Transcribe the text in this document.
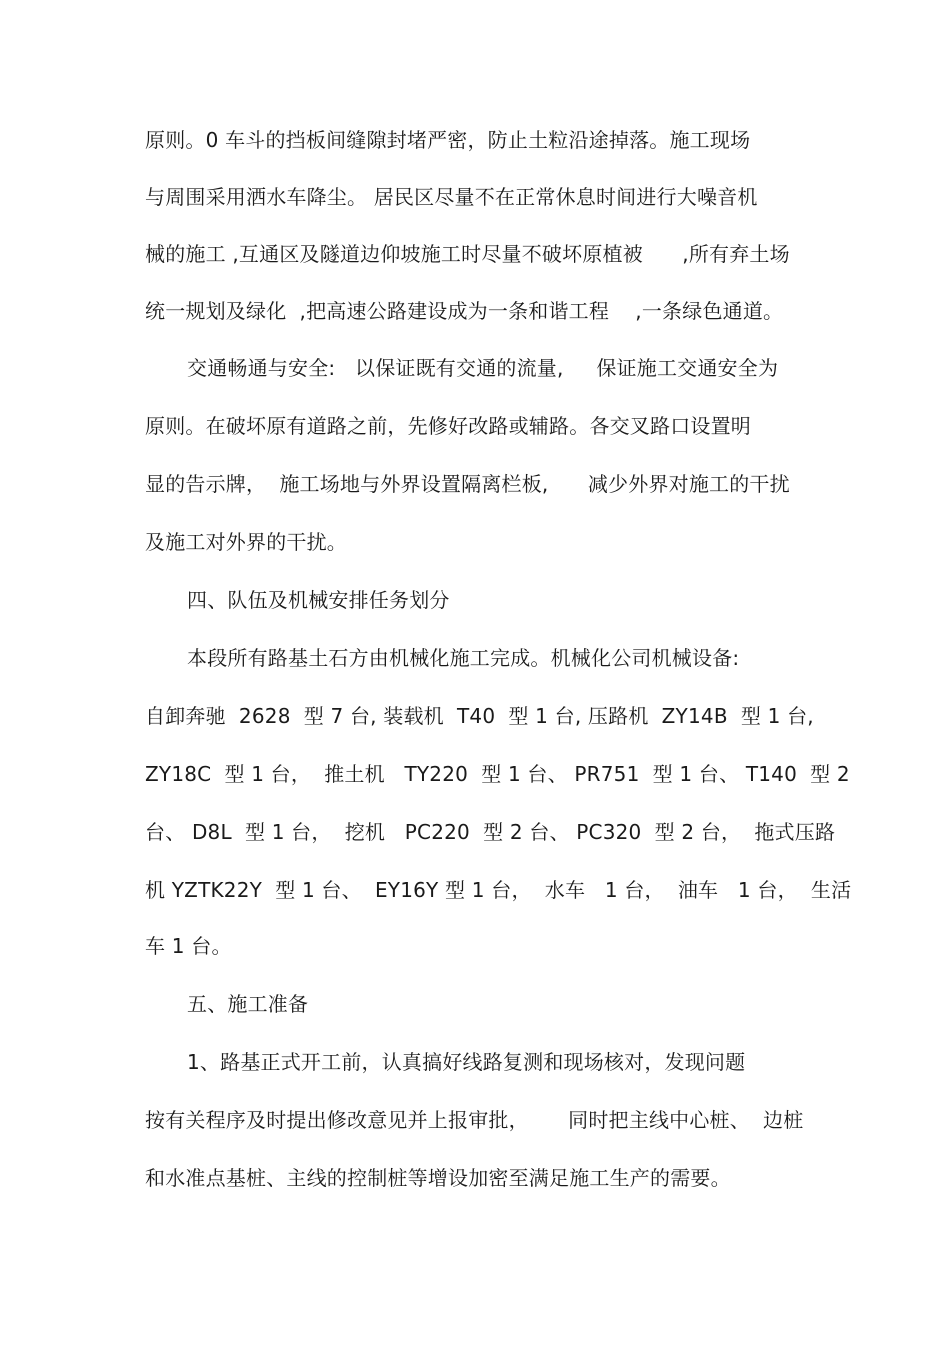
原则。0 车斗的挡板间缝隙封堵严密，防止土粒沿途掉落。施工现场
与周围采用洒水车降尘。 居民区尽量不在正常休息时间进行大噪音机
械的施工 ,互通区及隧道边仰坡施工时尽量不破坏原植被      ,所有弃土场
统一规划及绿化  ,把高速公路建设成为一条和谐工程    ,一条绿色通道。
交通畅通与安全:   以保证既有交通的流量,     保证施工交通安全为
原则。在破坏原有道路之前，先修好改路或辅路。各交叉路口设置明
显的告示牌，  施工场地与外界设置隔离栏板,      减少外界对施工的干扰
及施工对外界的干扰。
四、队伍及机械安排任务划分
本段所有路基土石方由机械化施工完成。机械化公司机械设备:
自卸奔驰  2628  型 7 台, 装载机  T40  型 1 台, 压路机  ZY14B  型 1 台,
ZY18C  型 1 台，  推土机   TY220  型 1 台、 PR751  型 1 台、 T140  型 2
台、 D8L  型 1 台，  挖机   PC220  型 2 台、 PC320  型 2 台，  拖式压路
机 YZTK22Y  型 1 台、  EY16Y 型 1 台，  水车   1 台，  油车   1 台，  生活
车 1 台。
五、施工准备
1、路基正式开工前，认真搞好线路复测和现场核对，发现问题
按有关程序及时提出修改意见并上报审批，      同时把主线中心桩、  边桩
和水准点基桩、主线的控制桩等增设加密至满足施工生产的需要。
